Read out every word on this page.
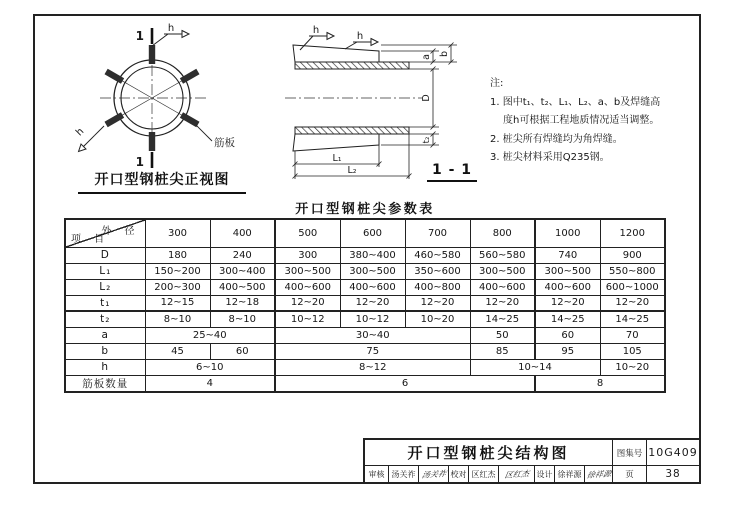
1
1
h
h
筋板
开口型钢桩尖正视图
h
h
a b
D
t₂
L₁
L₂	1 - 1
注:
1. 图中t₁、t₂、L₁、L₂、a、b及焊缝高
度h可根据工程地质情况适当调整。
2. 桩尖所有焊缝均为角焊缝。
3. 桩尖材料采用Q235钢。
开口型钢桩尖参数表
外 径
项 目	300	400	500	600	700	800	1000	1200
D	180	240	300	380~400	460~580	560~580	740	900
L₁	150~200	300~400	300~500	300~500	350~600	300~500	300~500	550~800
L₂	200~300	400~500	400~600	400~600	400~800	400~600	400~600	600~1000
t₁	12~15	12~18	12~20	12~20	12~20	12~20	12~20	12~20
t₂	8~10	8~10	10~12	10~12	10~20	14~25	14~25	14~25
a	25~40		30~40			50	60	70
b	45	60	75			85	95	105
h	6~10		8~12			10~14		10~20
筋板数量	4		6				8	
开口型钢桩尖结构图
审核 汤关祚 汤关祚 校对 区红杰	区红杰 设计 徐祥源 徐祥源
图集号 10G409
页	38
